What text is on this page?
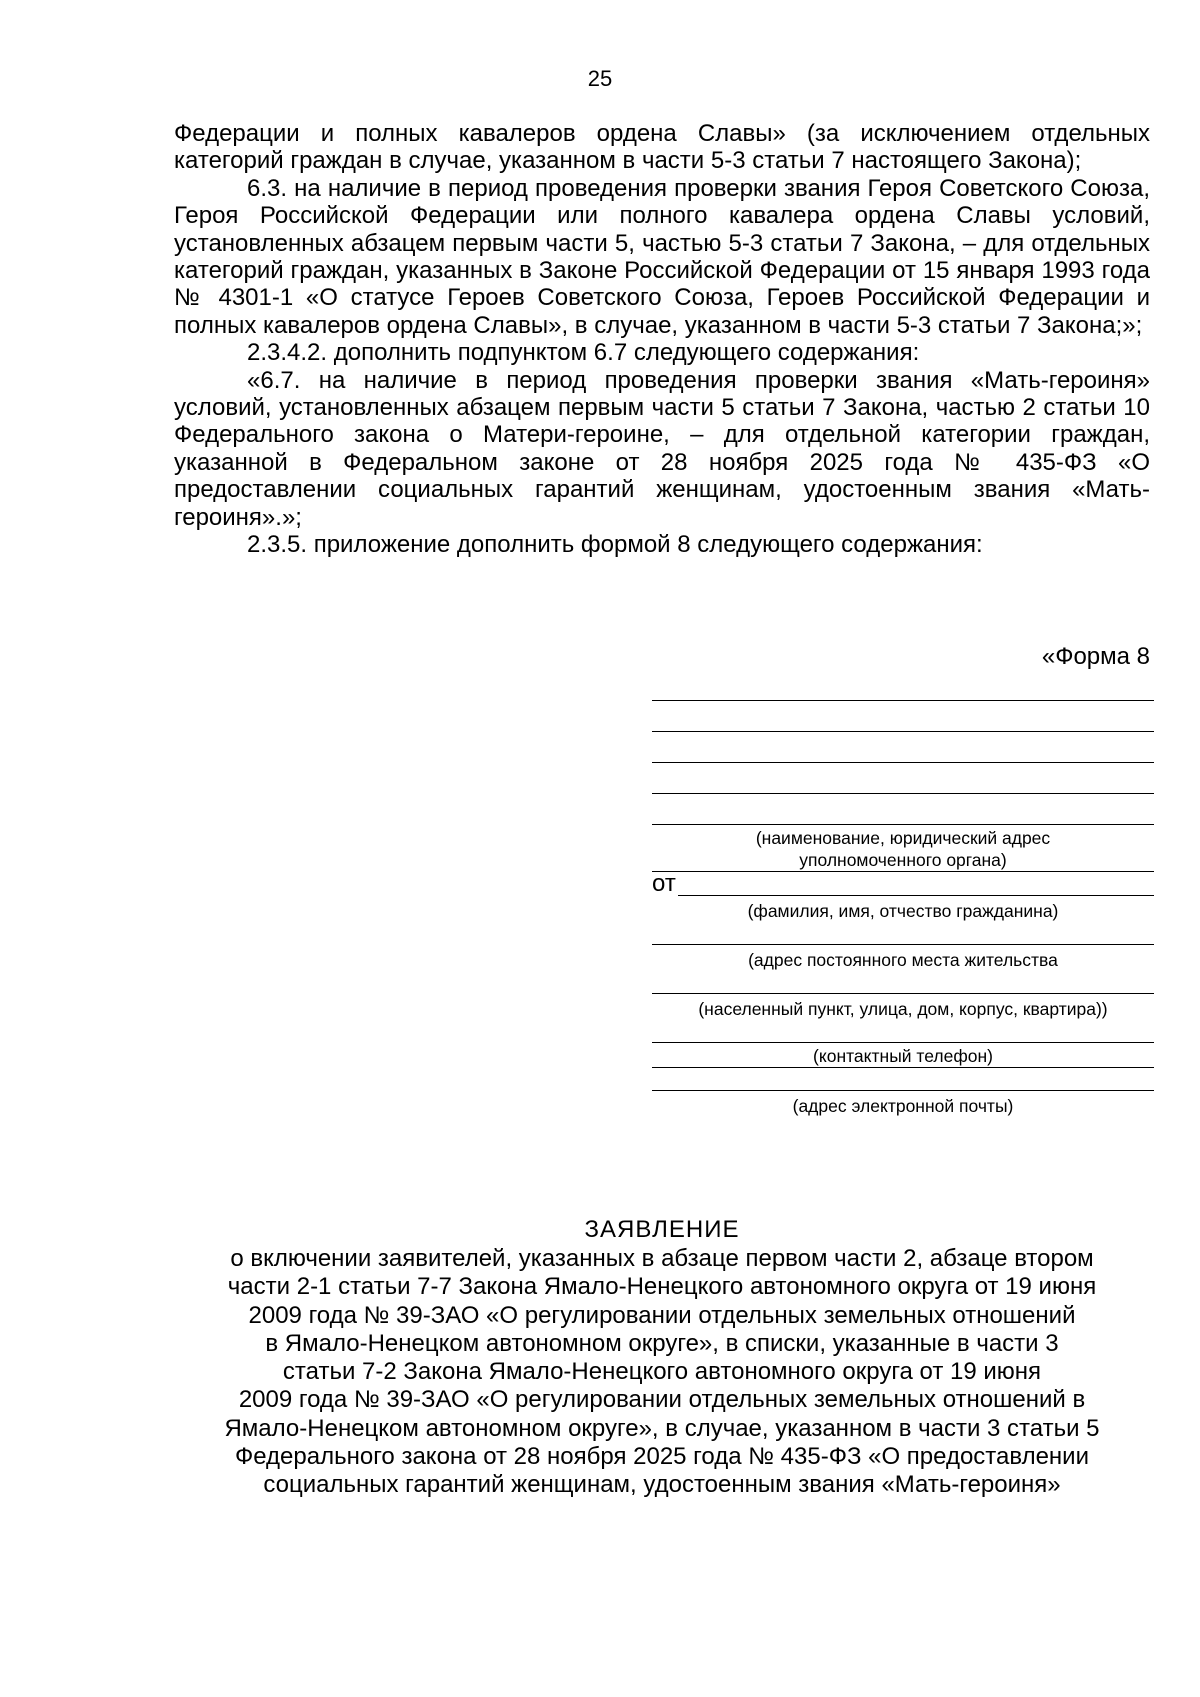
25

Федерации и полных кавалеров ордена Славы» (за исключением отдельных категорий граждан в случае, указанном в части 5-3 статьи 7 настоящего Закона);

6.3. на наличие в период проведения проверки звания Героя Советского Союза, Героя Российской Федерации или полного кавалера ордена Славы условий, установленных абзацем первым части 5, частью 5-3 статьи 7 Закона, – для отдельных категорий граждан, указанных в Законе Российской Федерации от 15 января 1993 года № 4301-1 «О статусе Героев Советского Союза, Героев Российской Федерации и полных кавалеров ордена Славы», в случае, указанном в части 5-3 статьи 7 Закона;»;

2.3.4.2. дополнить подпунктом 6.7 следующего содержания:

«6.7. на наличие в период проведения проверки звания «Мать-героиня» условий, установленных абзацем первым части 5 статьи 7 Закона, частью 2 статьи 10 Федерального закона о Матери-героине, – для отдельной категории граждан, указанной в Федеральном законе от 28 ноября 2025 года № 435-ФЗ «О предоставлении социальных гарантий женщинам, удостоенным звания «Мать-героиня».»;

2.3.5. приложение дополнить формой 8 следующего содержания:

«Форма 8
(наименование, юридический адрес
уполномоченного органа)
от
(фамилия, имя, отчество гражданина)
(адрес постоянного места жительства
(населенный пункт, улица, дом, корпус, квартира))
(контактный телефон)
(адрес электронной почты)
ЗАЯВЛЕНИЕ
о включении заявителей, указанных в абзаце первом части 2, абзаце втором
части 2-1 статьи 7-7 Закона Ямало-Ненецкого автономного округа от 19 июня
2009 года № 39-ЗАО «О регулировании отдельных земельных отношений
в Ямало-Ненецком автономном округе», в списки, указанные в части 3
статьи 7-2 Закона Ямало-Ненецкого автономного округа от 19 июня
2009 года № 39-ЗАО «О регулировании отдельных земельных отношений в
Ямало-Ненецком автономном округе», в случае, указанном в части 3 статьи 5
Федерального закона от 28 ноября 2025 года № 435-ФЗ «О предоставлении
социальных гарантий женщинам, удостоенным звания «Мать-героиня»
